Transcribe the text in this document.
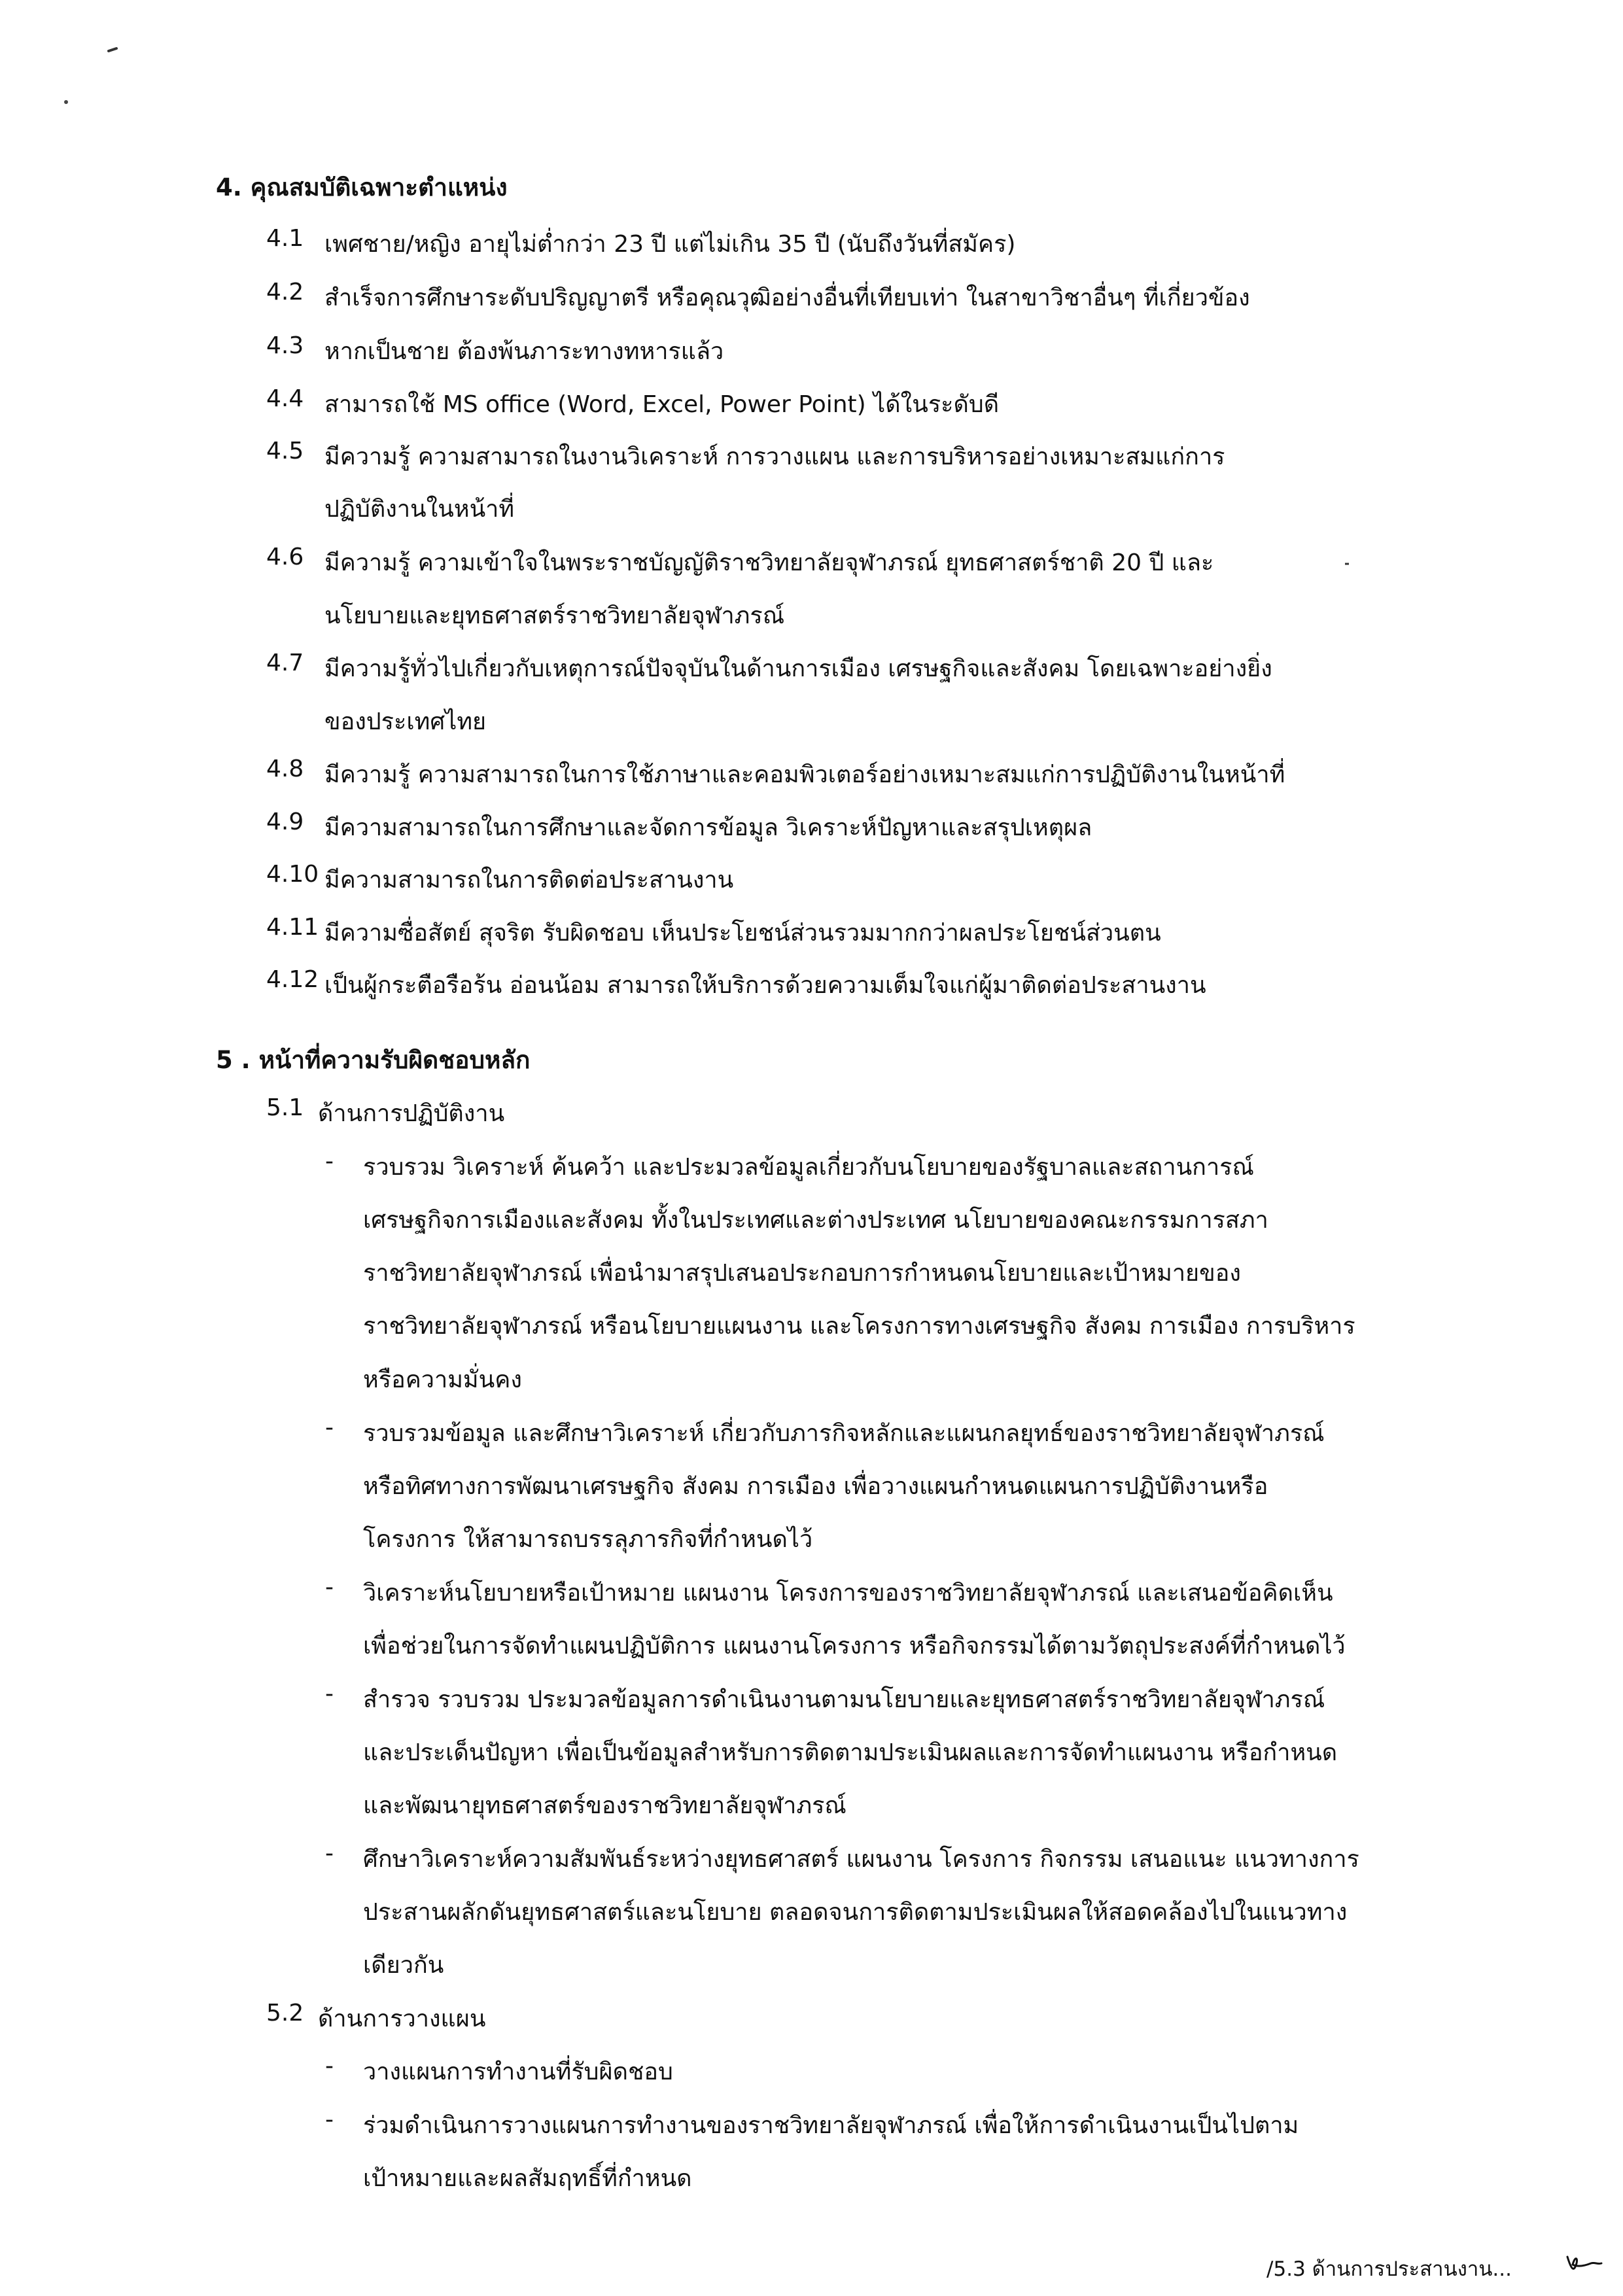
4. คุณสมบัติเฉพาะตำแหน่ง
4.1 เพศชาย/หญิง อายุไม่ต่ำกว่า 23 ปี แต่ไม่เกิน 35 ปี (นับถึงวันที่สมัคร)
4.2 สำเร็จการศึกษาระดับปริญญาตรี หรือคุณวุฒิอย่างอื่นที่เทียบเท่า ในสาขาวิชาอื่นๆ ที่เกี่ยวข้อง
4.3 หากเป็นชาย ต้องพ้นภาระทางทหารแล้ว
4.4 สามารถใช้ MS office (Word, Excel, Power Point) ได้ในระดับดี
4.5 มีความรู้ ความสามารถในงานวิเคราะห์ การวางแผน และการบริหารอย่างเหมาะสมแก่การ
ปฏิบัติงานในหน้าที่
4.6 มีความรู้ ความเข้าใจในพระราชบัญญัติราชวิทยาลัยจุฬาภรณ์ ยุทธศาสตร์ชาติ 20 ปี และ
นโยบายและยุทธศาสตร์ราชวิทยาลัยจุฬาภรณ์
4.7 มีความรู้ทั่วไปเกี่ยวกับเหตุการณ์ปัจจุบันในด้านการเมือง เศรษฐกิจและสังคม โดยเฉพาะอย่างยิ่ง
ของประเทศไทย
4.8 มีความรู้ ความสามารถในการใช้ภาษาและคอมพิวเตอร์อย่างเหมาะสมแก่การปฏิบัติงานในหน้าที่
4.9 มีความสามารถในการศึกษาและจัดการข้อมูล วิเคราะห์ปัญหาและสรุปเหตุผล
4.10 มีความสามารถในการติดต่อประสานงาน
4.11 มีความซื่อสัตย์ สุจริต รับผิดชอบ เห็นประโยชน์ส่วนรวมมากกว่าผลประโยชน์ส่วนตน
4.12 เป็นผู้กระตือรือร้น อ่อนน้อม สามารถให้บริการด้วยความเต็มใจแก่ผู้มาติดต่อประสานงาน
5 . หน้าที่ความรับผิดชอบหลัก
5.1 ด้านการปฏิบัติงาน
- รวบรวม วิเคราะห์ ค้นคว้า และประมวลข้อมูลเกี่ยวกับนโยบายของรัฐบาลและสถานการณ์
เศรษฐกิจการเมืองและสังคม ทั้งในประเทศและต่างประเทศ นโยบายของคณะกรรมการสภา
ราชวิทยาลัยจุฬาภรณ์ เพื่อนำมาสรุปเสนอประกอบการกำหนดนโยบายและเป้าหมายของ
ราชวิทยาลัยจุฬาภรณ์ หรือนโยบายแผนงาน และโครงการทางเศรษฐกิจ สังคม การเมือง การบริหาร
หรือความมั่นคง
- รวบรวมข้อมูล และศึกษาวิเคราะห์ เกี่ยวกับภารกิจหลักและแผนกลยุทธ์ของราชวิทยาลัยจุฬาภรณ์
หรือทิศทางการพัฒนาเศรษฐกิจ สังคม การเมือง เพื่อวางแผนกำหนดแผนการปฏิบัติงานหรือ
โครงการ ให้สามารถบรรลุภารกิจที่กำหนดไว้
- วิเคราะห์นโยบายหรือเป้าหมาย แผนงาน โครงการของราชวิทยาลัยจุฬาภรณ์ และเสนอข้อคิดเห็น
เพื่อช่วยในการจัดทำแผนปฏิบัติการ แผนงานโครงการ หรือกิจกรรมได้ตามวัตถุประสงค์ที่กำหนดไว้
- สำรวจ รวบรวม ประมวลข้อมูลการดำเนินงานตามนโยบายและยุทธศาสตร์ราชวิทยาลัยจุฬาภรณ์
และประเด็นปัญหา เพื่อเป็นข้อมูลสำหรับการติดตามประเมินผลและการจัดทำแผนงาน หรือกำหนด
และพัฒนายุทธศาสตร์ของราชวิทยาลัยจุฬาภรณ์
- ศึกษาวิเคราะห์ความสัมพันธ์ระหว่างยุทธศาสตร์ แผนงาน โครงการ กิจกรรม เสนอแนะ แนวทางการ
ประสานผลักดันยุทธศาสตร์และนโยบาย ตลอดจนการติดตามประเมินผลให้สอดคล้องไปในแนวทาง
เดียวกัน
5.2 ด้านการวางแผน
- วางแผนการทำงานที่รับผิดชอบ
- ร่วมดำเนินการวางแผนการทำงานของราชวิทยาลัยจุฬาภรณ์ เพื่อให้การดำเนินงานเป็นไปตาม
เป้าหมายและผลสัมฤทธิ์ที่กำหนด
/5.3 ด้านการประสานงาน...
